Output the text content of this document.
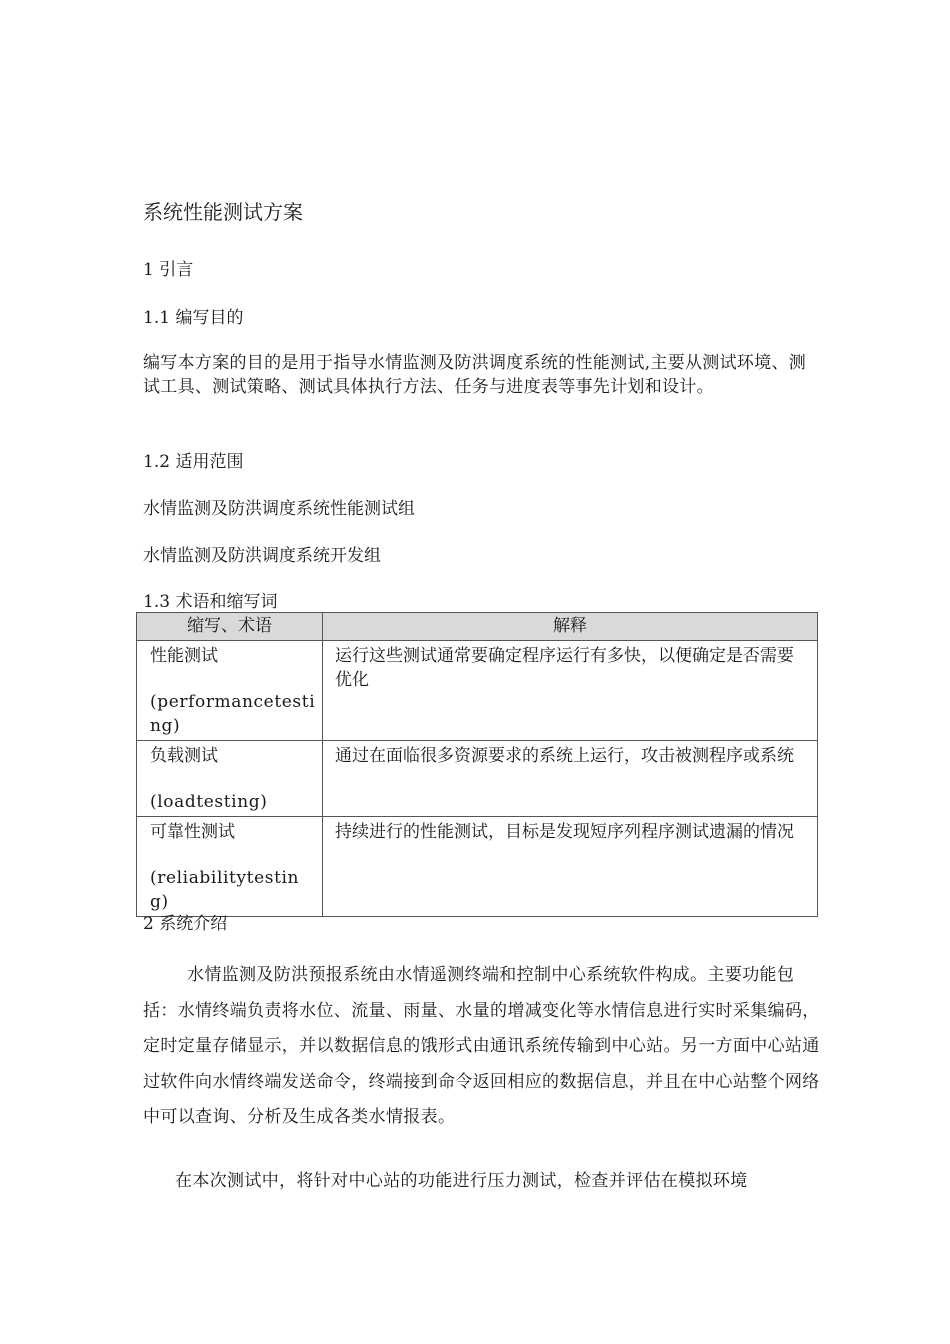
系统性能测试方案
1 引言
1.1 编写目的

编写本方案的目的是用于指导水情监测及防洪调度系统的性能测试,主要从测试环境、测试工具、测试策略、测试具体执行方法、任务与进度表等事先计划和设计。

1.2 适用范围
水情监测及防洪调度系统性能测试组
水情监测及防洪调度系统开发组
1.3 术语和缩写词
缩写、术语	解释

性能测试
(performancetesting)	运行这些测试通常要确定程序运行有多快，以便确定是否需要优化

负载测试
(loadtesting)	通过在面临很多资源要求的系统上运行，攻击被测程序或系统

可靠性测试
(reliabilitytesting)	持续进行的性能测试，目标是发现短序列程序测试遗漏的情况
2 系统介绍

水情监测及防洪预报系统由水情遥测终端和控制中心系统软件构成。主要功能包括：水情终端负责将水位、流量、雨量、水量的增减变化等水情信息进行实时采集编码，定时定量存储显示，并以数据信息的饿形式由通讯系统传输到中心站。另一方面中心站通过软件向水情终端发送命令，终端接到命令返回相应的数据信息，并且在中心站整个网络中可以查询、分析及生成各类水情报表。

在本次测试中，将针对中心站的功能进行压力测试，检查并评估在模拟环境
